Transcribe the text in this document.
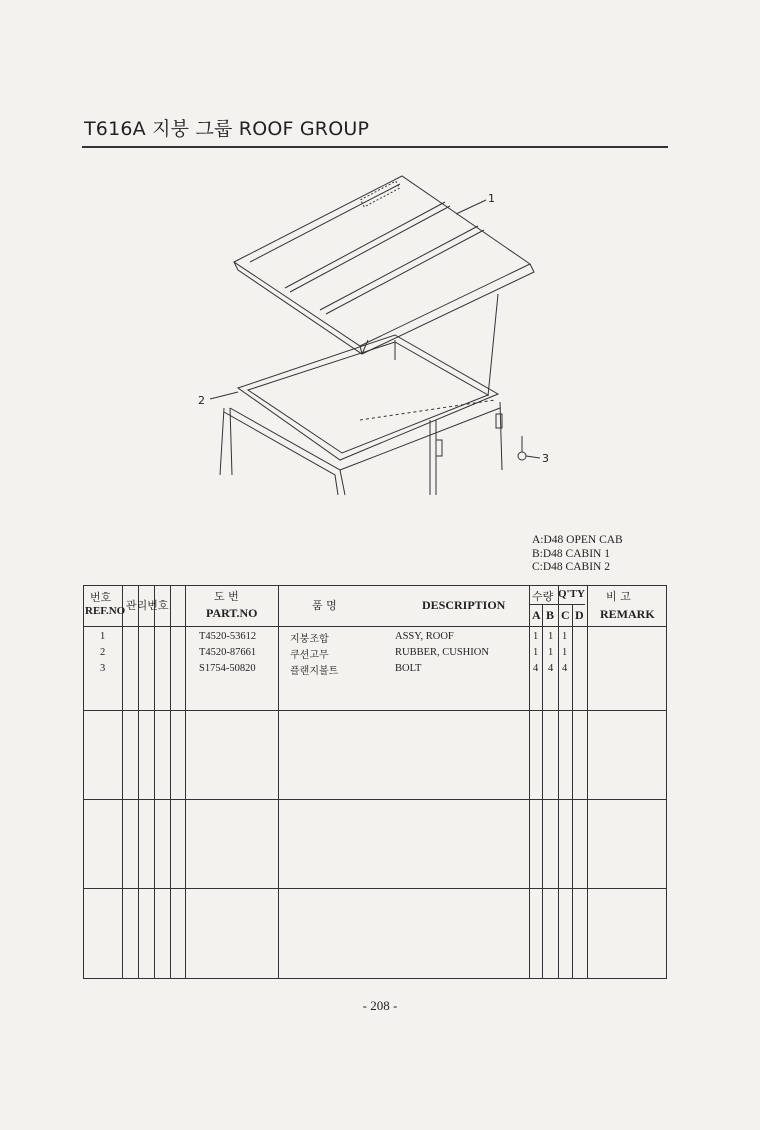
T616A 지붕 그룹 ROOF GROUP
1
2
3
A:D48 OPEN CAB
B:D48 CABIN 1
C:D48 CABIN 2
번호
REF.NO 관리번호
도 번
PART.NO
품 명	DESCRIPTION
수량 Q'TY
A B C D
비 고
REMARK
1	T4520-53612	지붕조합	ASSY, ROOF	1 1 1
2	T4520-87661	쿠션고무	RUBBER, CUSHION	1 1 1
3	S1754-50820	플랜지볼트	BOLT	4 4 4
- 208 -
